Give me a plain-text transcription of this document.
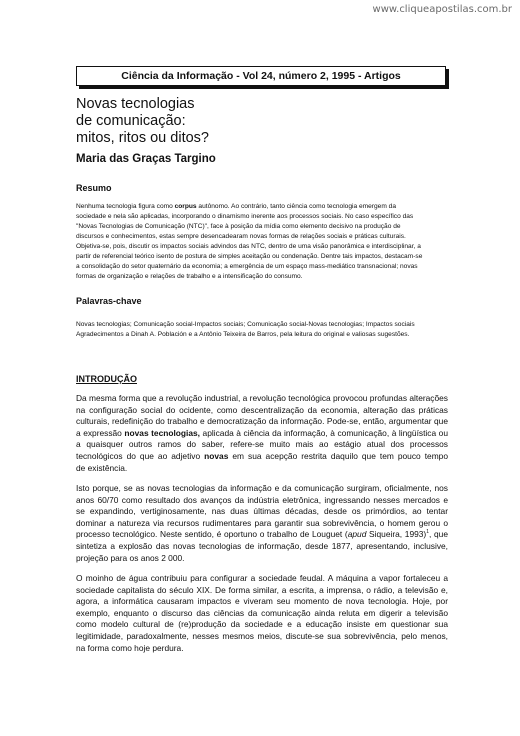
www.cliqueapostilas.com.br
Ciência da Informação - Vol 24, número 2, 1995 - Artigos
Novas tecnologias
de comunicação:
mitos, ritos ou ditos?
Maria das Graças Targino
Resumo
Nenhuma tecnologia figura como corpus autônomo. Ao contrário, tanto ciência como tecnologia emergem da
sociedade e nela são aplicadas, incorporando o dinamismo inerente aos processos sociais. No caso específico das
"Novas Tecnologias de Comunicação (NTC)", face à posição da mídia como elemento decisivo na produção de
discursos e conhecimentos, estas sempre desencadearam novas formas de relações sociais e práticas culturais.
Objetiva-se, pois, discutir os impactos sociais advindos das NTC, dentro de uma visão panorâmica e interdisciplinar, a
partir de referencial teórico isento de postura de simples aceitação ou condenação. Dentre tais impactos, destacam-se
a consolidação do setor quaternário da economia; a emergência de um espaço mass-mediático transnacional; novas
formas de organização e relações de trabalho e a intensificação do consumo.
Palavras-chave
Novas tecnologias; Comunicação social-Impactos sociais; Comunicação social-Novas tecnologias; Impactos sociais
Agradecimentos a Dinah A. Población e a Antônio Teixeira de Barros, pela leitura do original e valiosas sugestões.
INTRODUÇÃO
Da mesma forma que a revolução industrial, a revolução tecnológica provocou profundas alterações
na configuração social do ocidente, como descentralização da economia, alteração das práticas
culturais, redefinição do trabalho e democratização da informação. Pode-se, então, argumentar que
a expressão novas tecnologias, aplicada à ciência da informação, à comunicação, à lingüística ou
a quaisquer outros ramos do saber, refere-se muito mais ao estágio atual dos processos
tecnológicos do que ao adjetivo novas em sua acepção restrita daquilo que tem pouco tempo
de existência.
Isto porque, se as novas tecnologias da informação e da comunicação surgiram, oficialmente, nos
anos 60/70 como resultado dos avanços da indústria eletrônica, ingressando nesses mercados e
se expandindo, vertiginosamente, nas duas últimas décadas, desde os primórdios, ao tentar
dominar a natureza via recursos rudimentares para garantir sua sobrevivência, o homem gerou o
processo tecnológico. Neste sentido, é oportuno o trabalho de Louguet (apud Siqueira, 1993)$^1$, que
sintetiza a explosão das novas tecnologias de informação, desde 1877, apresentando, inclusive,
projeção para os anos 2 000.
O moinho de água contribuiu para configurar a sociedade feudal. A máquina a vapor fortaleceu a
sociedade capitalista do século XIX. De forma similar, a escrita, a imprensa, o rádio, a televisão e,
agora, a informática causaram impactos e viveram seu momento de nova tecnologia. Hoje, por
exemplo, enquanto o discurso das ciências da comunicação ainda reluta em digerir a televisão
como modelo cultural de (re)produção da sociedade e a educação insiste em questionar sua
legitimidade, paradoxalmente, nesses mesmos meios, discute-se sua sobrevivência, pelo menos,
na forma como hoje perdura.
